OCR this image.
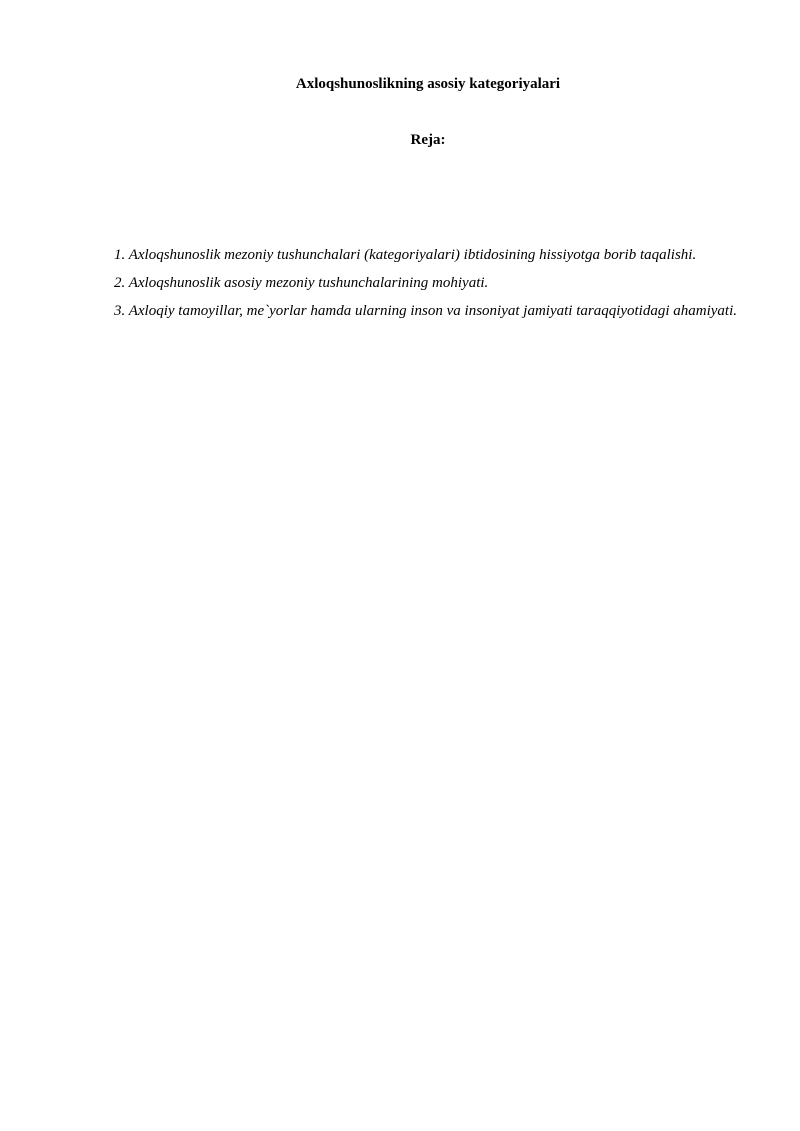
Axloqshunoslikning asosiy kategoriyalari
Reja:
1. Axloqshunoslik mezoniy tushunchalari (kategoriyalari) ibtidosining hissiyotga borib taqalishi.
2. Axloqshunoslik asosiy mezoniy tushunchalarining mohiyati.
3. Axloqiy tamoyillar, me`yorlar hamda ularning inson va insoniyat jamiyati taraqqiyotidagi ahamiyati.
